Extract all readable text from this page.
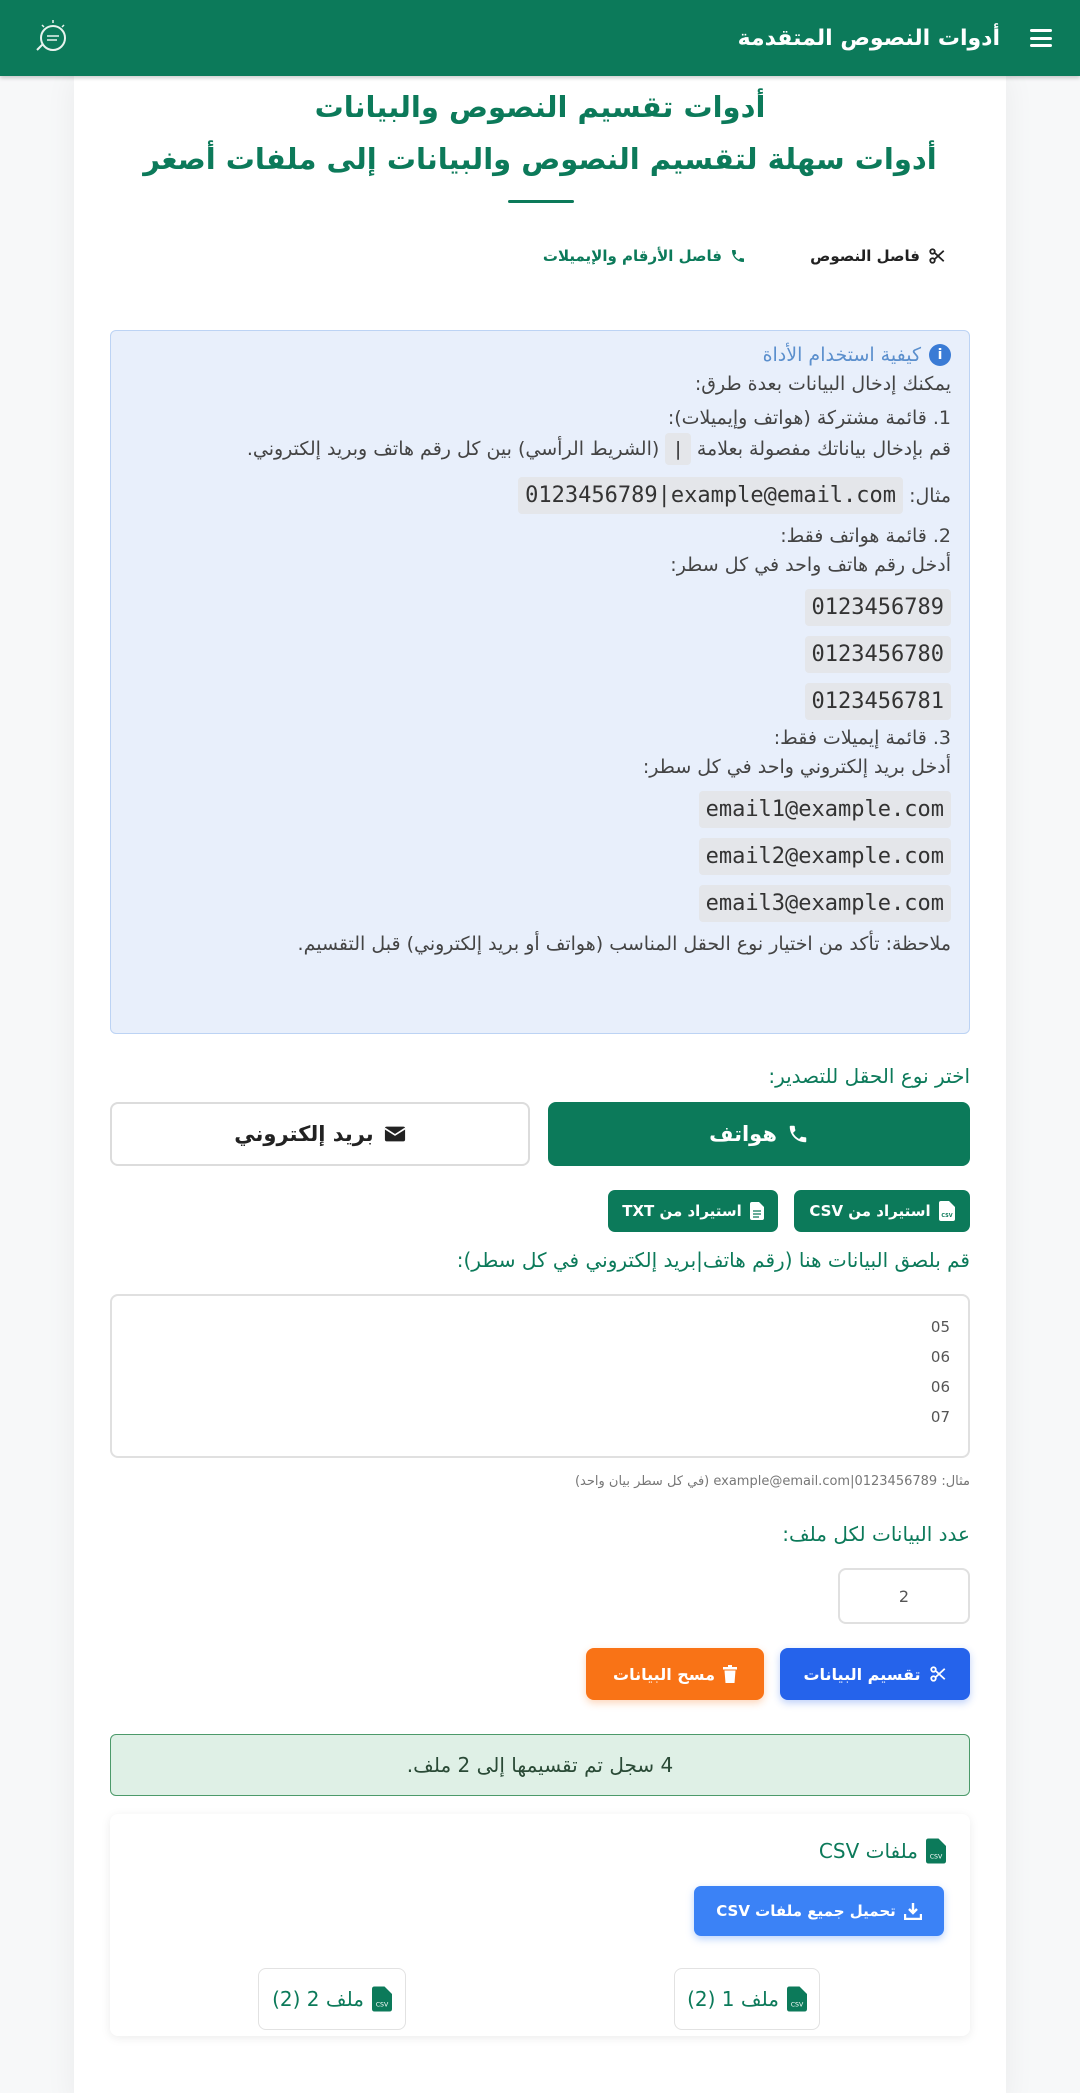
أدوات النصوص المتقدمة
أدوات تقسيم النصوص والبيانات
أدوات سهلة لتقسيم النصوص والبيانات إلى ملفات أصغر
فاصل النصوص
فاصل الأرقام والإيميلات
i
كيفية استخدام الأداة

يمكنك إدخال البيانات بعدة طرق:

1. قائمة مشتركة (هواتف وإيميلات):

قم بإدخال بياناتك مفصولة بعلامة | (الشريط الرأسي) بين كل رقم هاتف وبريد إلكتروني.

مثال: 0123456789|example@email.com

2. قائمة هواتف فقط:

أدخل رقم هاتف واحد في كل سطر:

0123456789
0123456780
0123456781

3. قائمة إيميلات فقط:

أدخل بريد إلكتروني واحد في كل سطر:

email1@example.com
email2@example.com
email3@example.com

ملاحظة: تأكد من اختيار نوع الحقل المناسب (هواتف أو بريد إلكتروني) قبل التقسيم.

اختر نوع الحقل للتصدير:
هواتف
بريد إلكتروني
CSV
استيراد من CSV
استيراد من TXT
قم بلصق البيانات هنا (رقم هاتف|بريد إلكتروني في كل سطر):
05
06
06
07
مثال: 0123456789|example@email.com (في كل سطر بيان واحد)
عدد البيانات لكل ملف:
2
تقسيم البيانات
مسح البيانات
4 سجل تم تقسيمها إلى 2 ملف.
CSV
ملفات CSV
تحميل جميع ملفات CSV
CSV
ملف 1 (2)
CSV
ملف 2 (2)
